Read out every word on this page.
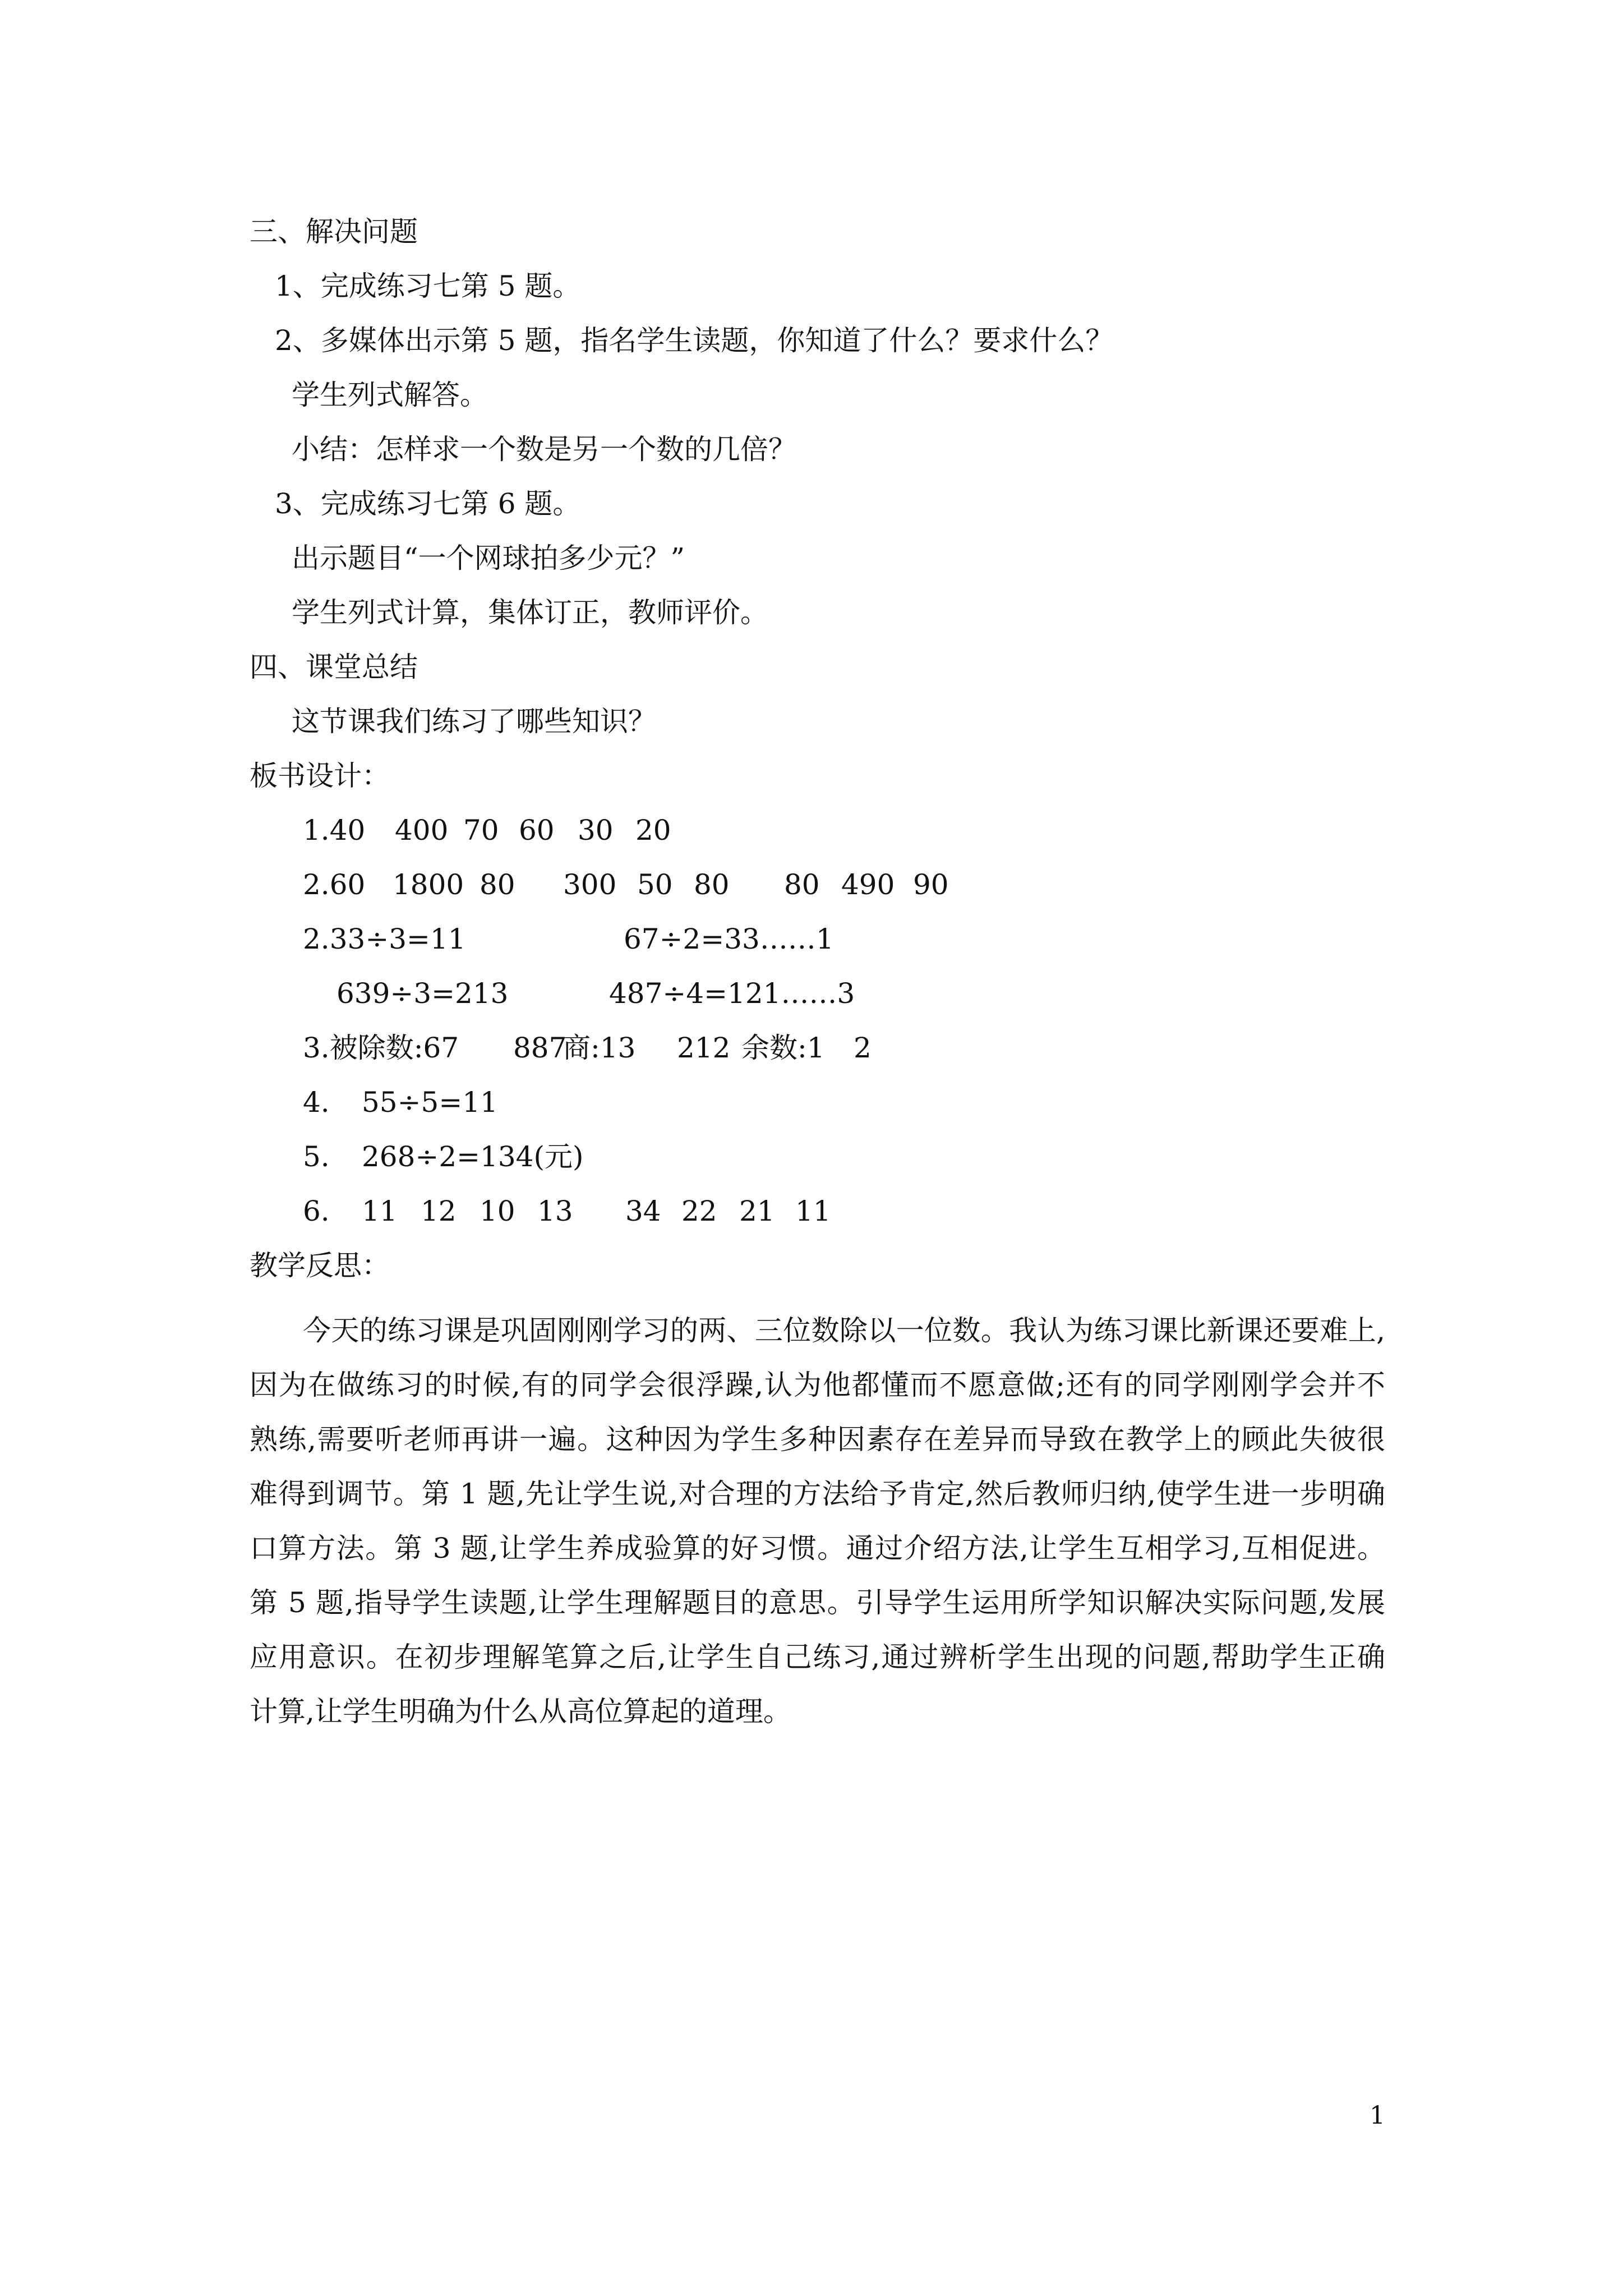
三、解决问题
1、完成练习七第 5 题。
2、多媒体出示第 5 题，指名学生读题，你知道了什么？要求什么？
学生列式解答。
小结：怎样求一个数是另一个数的几倍？
3、完成练习七第 6 题。
出示题目“一个网球拍多少元？”
学生列式计算，集体订正，教师评价。
四、课堂总结
这节课我们练习了哪些知识？
板书设计：
1.40 400 70 60 30 20
2.60 1800 80 300 50 80 80 490 90
2.33÷3=11	67÷2=33……1
639÷3=213	487÷4=121……3
3.被除数:67 887
商:13 212 余数:1 2
4. 55÷5=11
5. 268÷2=134(元)
6. 11 12 10 13 34 22 21 11
教学反思：
今天的练习课是巩固刚刚学习的两、三位数除以一位数。我认为练习课比新课还要难上,
因为在做练习的时候,有的同学会很浮躁,认为他都懂而不愿意做;还有的同学刚刚学会并不
熟练,需要听老师再讲一遍。这种因为学生多种因素存在差异而导致在教学上的顾此失彼很
难得到调节。第 1 题,先让学生说,对合理的方法给予肯定,然后教师归纳,使学生进一步明确
口算方法。第 3 题,让学生养成验算的好习惯。通过介绍方法,让学生互相学习,互相促进。
第 5 题,指导学生读题,让学生理解题目的意思。引导学生运用所学知识解决实际问题,发展
应用意识。在初步理解笔算之后,让学生自己练习,通过辨析学生出现的问题,帮助学生正确
计算,让学生明确为什么从高位算起的道理。
1
